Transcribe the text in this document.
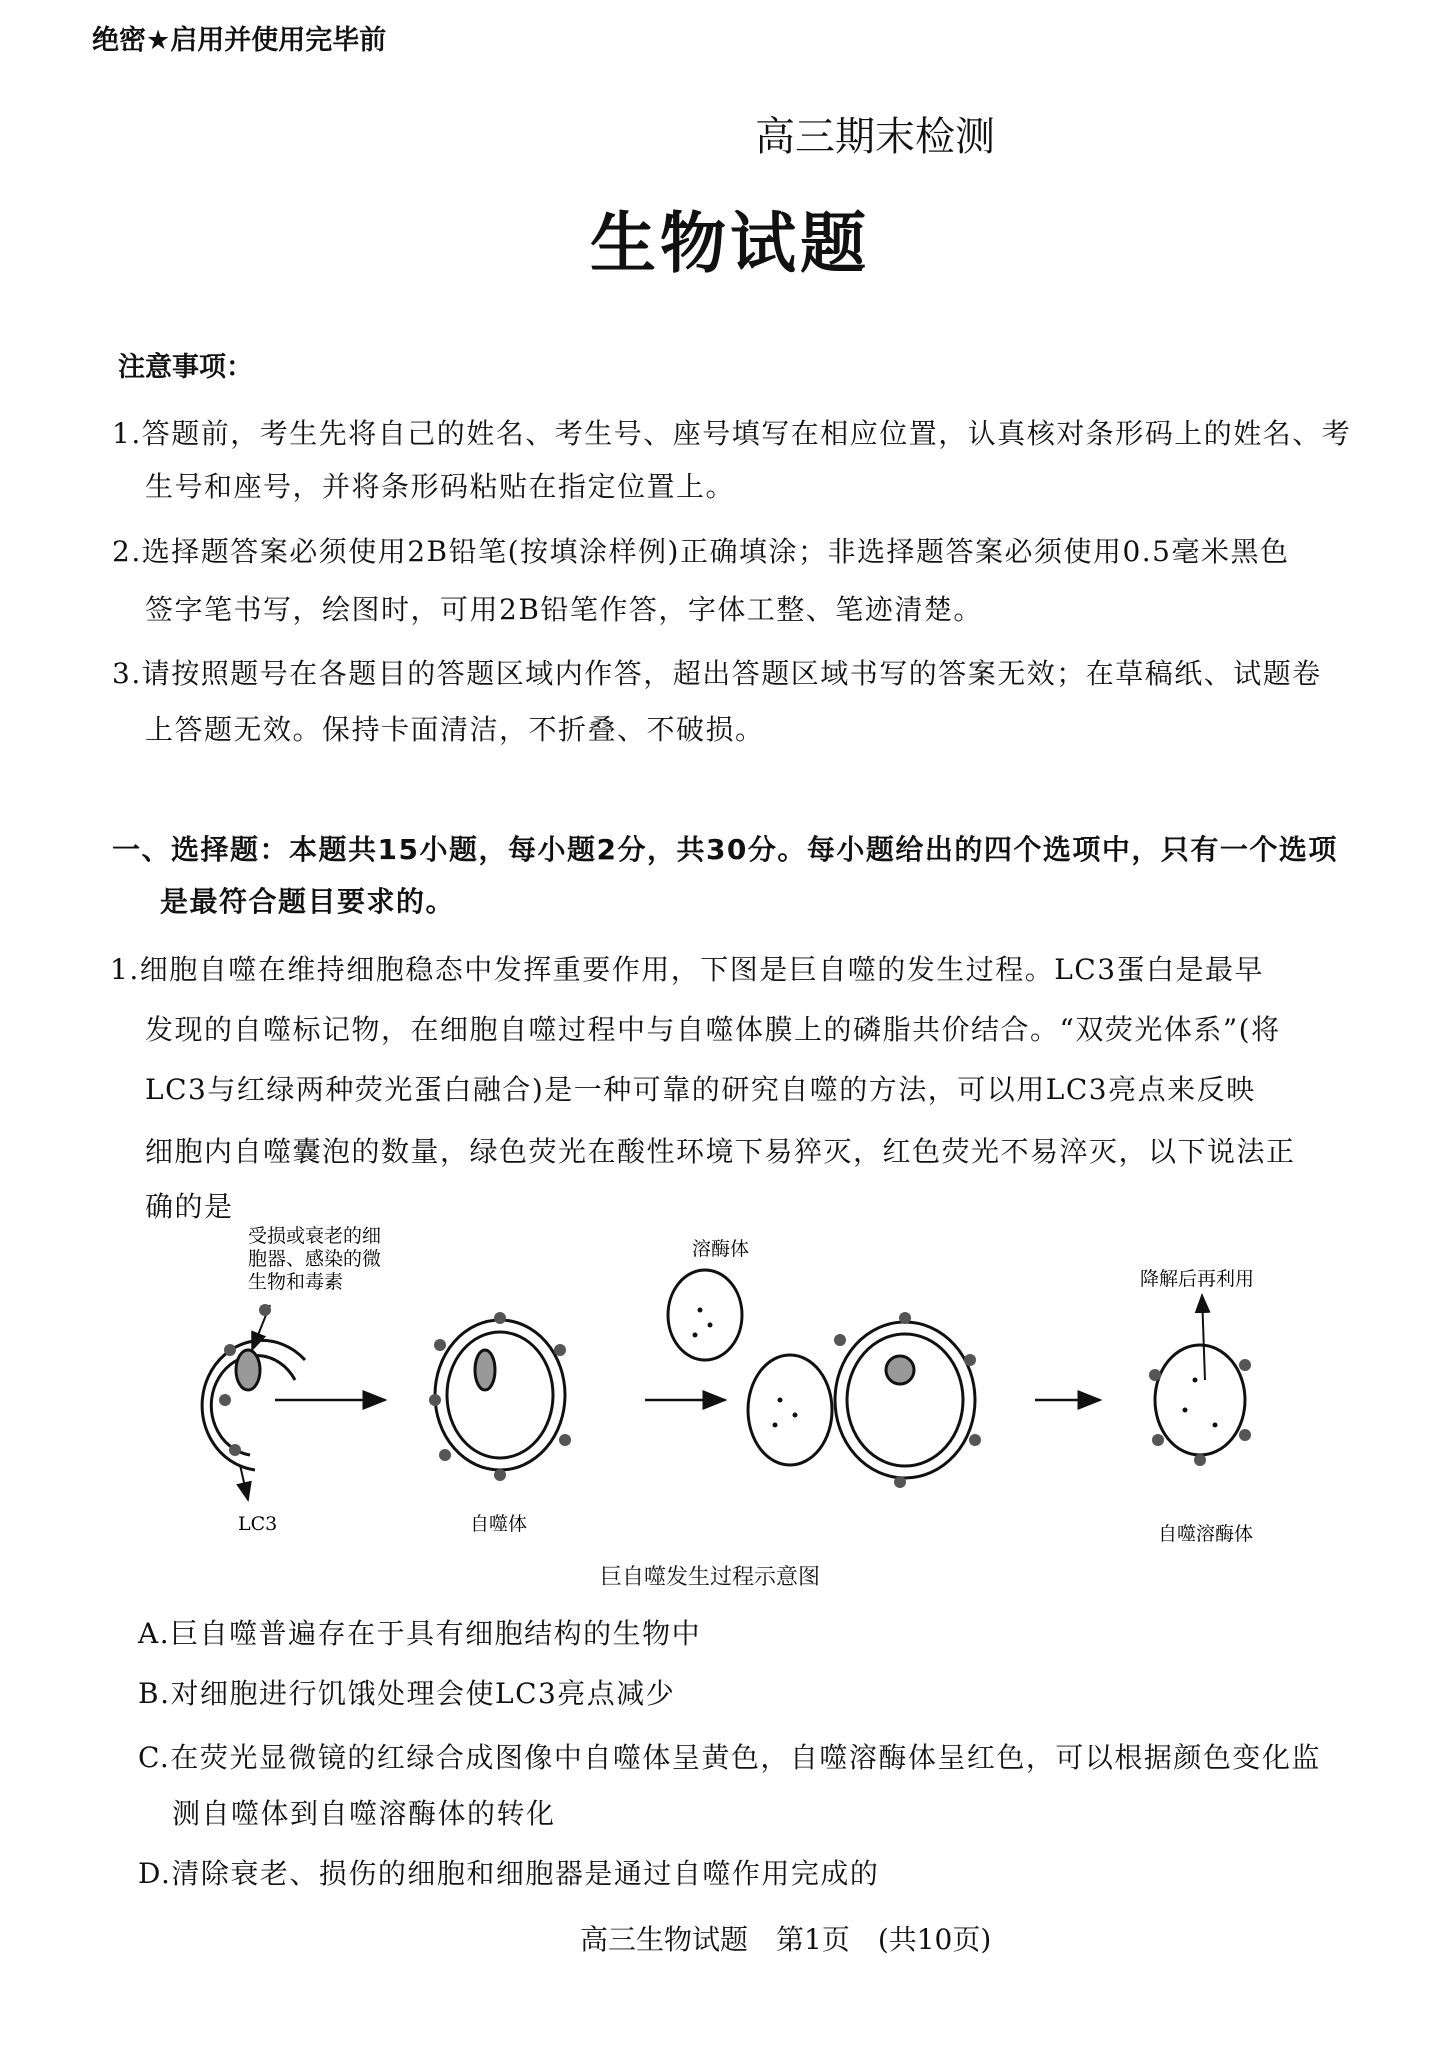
绝密★启用并使用完毕前
高三期末检测
生物试题
注意事项：
1.答题前，考生先将自己的姓名、考生号、座号填写在相应位置，认真核对条形码上的姓名、考
生号和座号，并将条形码粘贴在指定位置上。
2.选择题答案必须使用2B铅笔(按填涂样例)正确填涂；非选择题答案必须使用0.5毫米黑色
签字笔书写，绘图时，可用2B铅笔作答，字体工整、笔迹清楚。
3.请按照题号在各题目的答题区域内作答，超出答题区域书写的答案无效；在草稿纸、试题卷
上答题无效。保持卡面清洁，不折叠、不破损。
一、选择题：本题共15小题，每小题2分，共30分。每小题给出的四个选项中，只有一个选项
是最符合题目要求的。
1.细胞自噬在维持细胞稳态中发挥重要作用，下图是巨自噬的发生过程。LC3蛋白是最早
发现的自噬标记物，在细胞自噬过程中与自噬体膜上的磷脂共价结合。“双荧光体系”(将
LC3与红绿两种荧光蛋白融合)是一种可靠的研究自噬的方法，可以用LC3亮点来反映
细胞内自噬囊泡的数量，绿色荧光在酸性环境下易猝灭，红色荧光不易淬灭，以下说法正
确的是
受损或衰老的细
胞器、感染的微
生物和毒素
LC3	自噬体
溶酶体
降解后再利用
自噬溶酶体
巨自噬发生过程示意图
A.巨自噬普遍存在于具有细胞结构的生物中
B.对细胞进行饥饿处理会使LC3亮点减少
C.在荧光显微镜的红绿合成图像中自噬体呈黄色，自噬溶酶体呈红色，可以根据颜色变化监
测自噬体到自噬溶酶体的转化
D.清除衰老、损伤的细胞和细胞器是通过自噬作用完成的
高三生物试题　第1页　(共10页)
